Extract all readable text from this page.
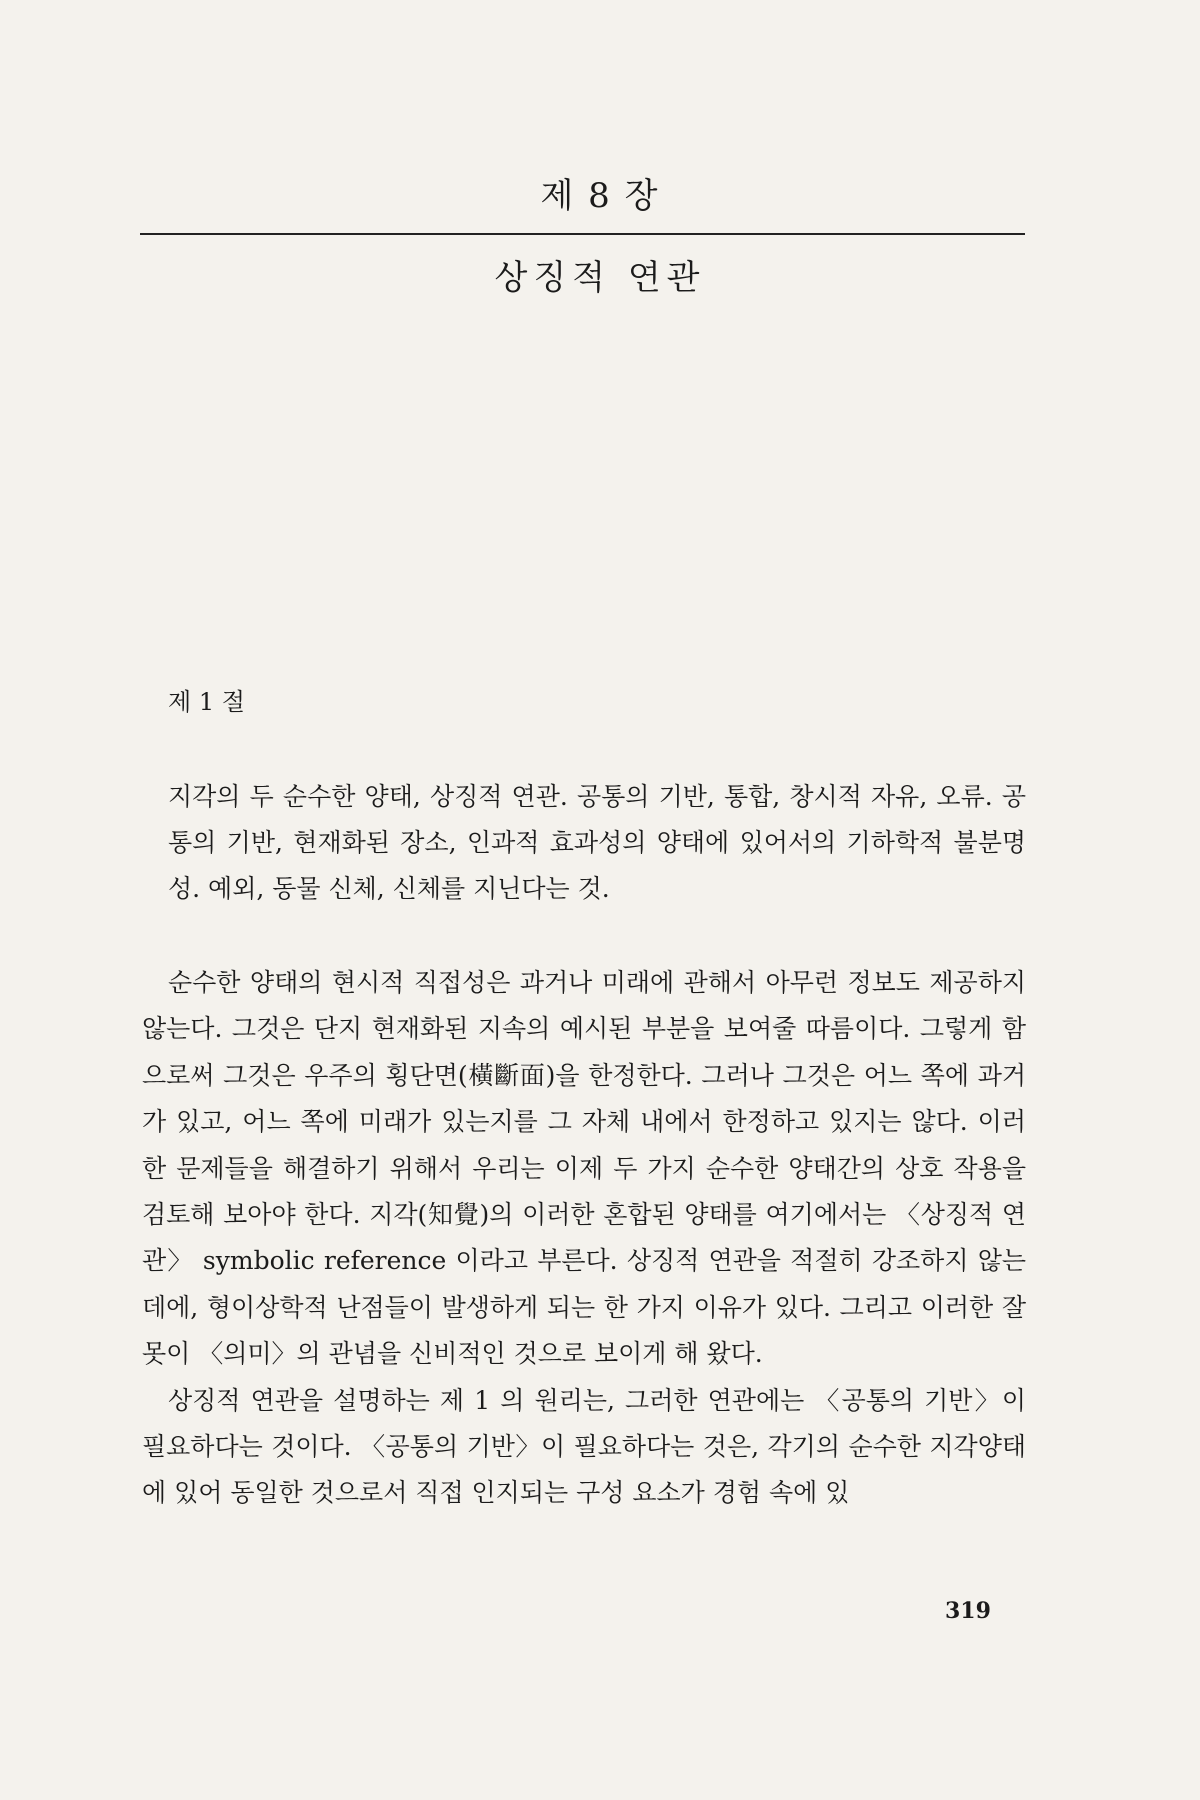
제 8 장
상징적 연관
제 1 절
지각의 두 순수한 양태, 상징적 연관. 공통의 기반, 통합, 창시적 자유, 오류. 공통의 기반, 현재화된 장소, 인과적 효과성의 양태에 있어서의 기하학적 불분명성. 예외, 동물 신체, 신체를 지닌다는 것.

순수한 양태의 현시적 직접성은 과거나 미래에 관해서 아무런 정보도 제공하지 않는다. 그것은 단지 현재화된 지속의 예시된 부분을 보여줄 따름이다. 그렇게 함으로써 그것은 우주의 횡단면(橫斷面)을 한정한다. 그러나 그것은 어느 쪽에 과거가 있고, 어느 쪽에 미래가 있는지를 그 자체 내에서 한정하고 있지는 않다. 이러한 문제들을 해결하기 위해서 우리는 이제 두 가지 순수한 양태간의 상호 작용을 검토해 보아야 한다. 지각(知覺)의 이러한 혼합된 양태를 여기에서는 〈상징적 연관〉 symbolic reference 이라고 부른다. 상징적 연관을 적절히 강조하지 않는 데에, 형이상학적 난점들이 발생하게 되는 한 가지 이유가 있다. 그리고 이러한 잘못이 〈의미〉의 관념을 신비적인 것으로 보이게 해 왔다.

상징적 연관을 설명하는 제 1 의 원리는, 그러한 연관에는 〈공통의 기반〉이 필요하다는 것이다. 〈공통의 기반〉이 필요하다는 것은, 각기의 순수한 지각양태에 있어 동일한 것으로서 직접 인지되는 구성 요소가 경험 속에 있

319
